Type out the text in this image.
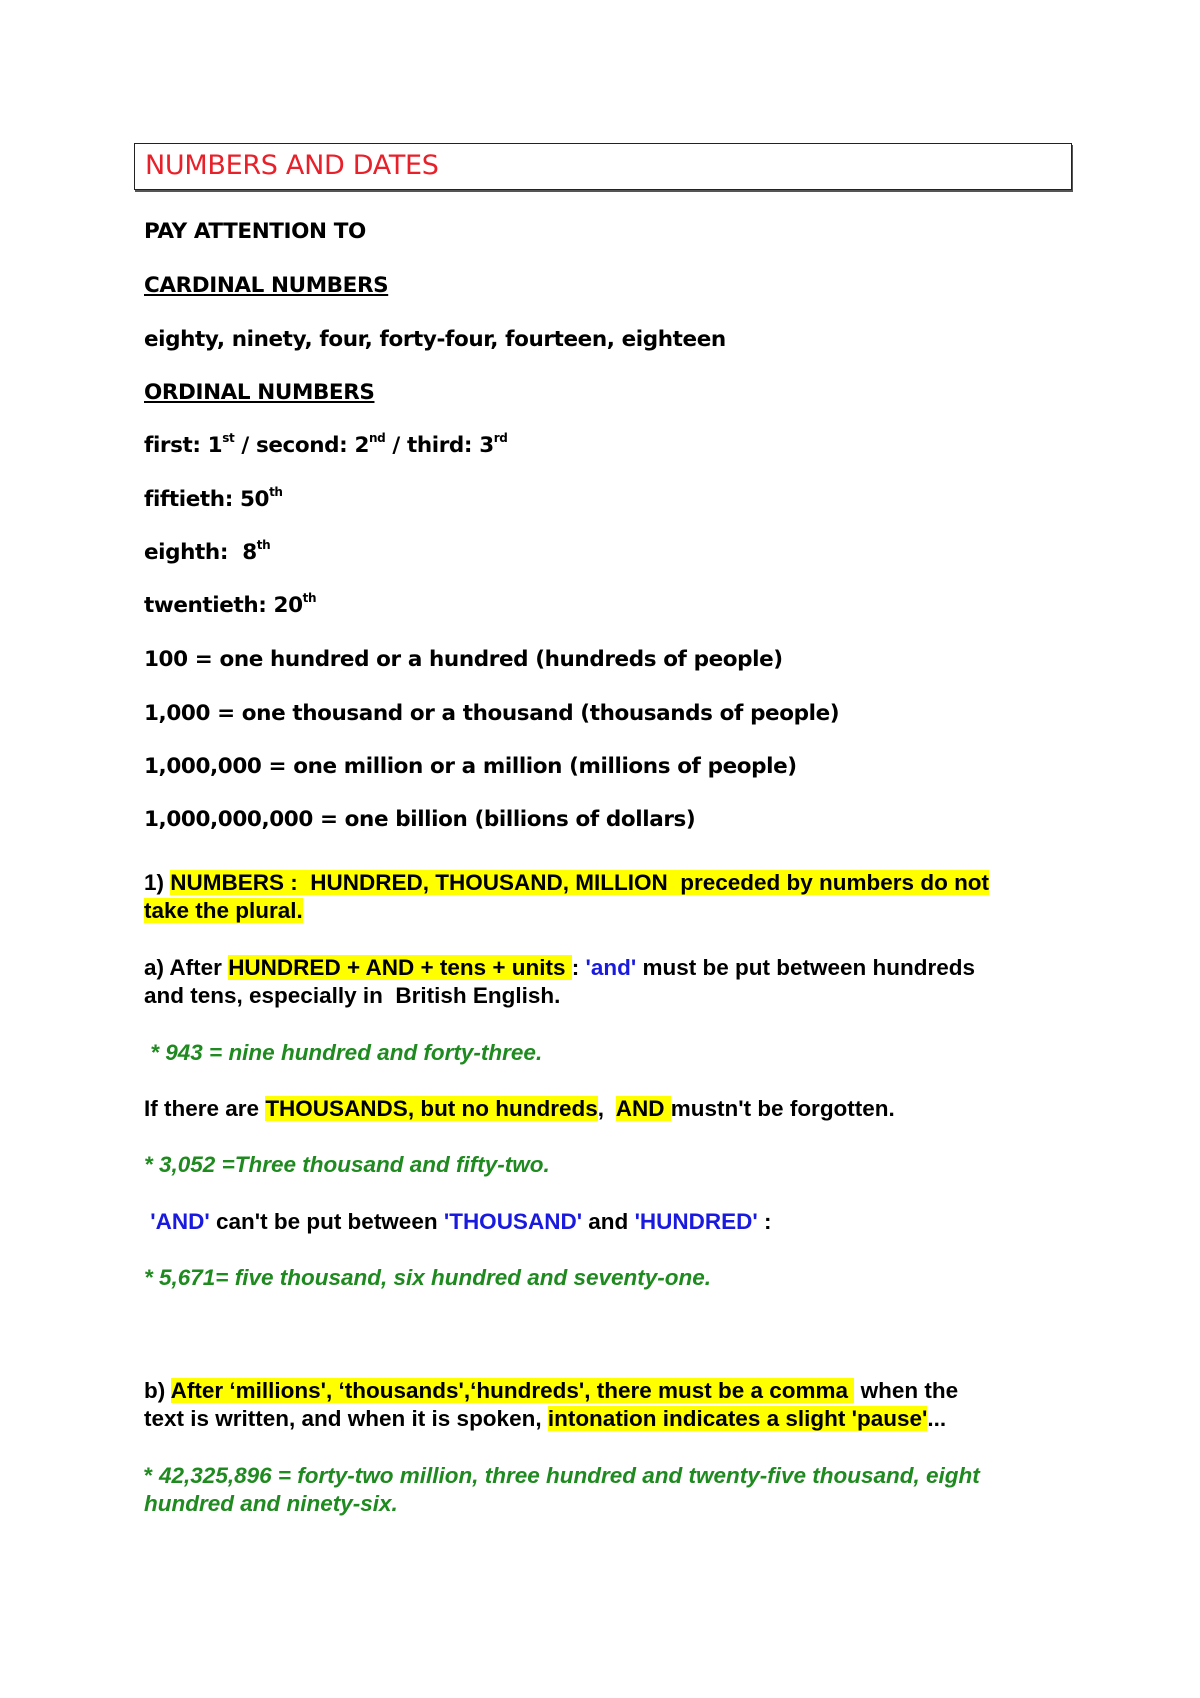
NUMBERS AND DATES
PAY ATTENTION TO
CARDINAL NUMBERS
eighty, ninety, four, forty-four, fourteen, eighteen
ORDINAL NUMBERS
first: 1st / second: 2nd / third: 3rd
fiftieth: 50th
eighth:  8th
twentieth: 20th
100 = one hundred or a hundred (hundreds of people)
1,000 = one thousand or a thousand (thousands of people)
1,000,000 = one million or a million (millions of people)
1,000,000,000 = one billion (billions of dollars)
1) NUMBERS :  HUNDRED, THOUSAND, MILLION  preceded by numbers do not
take the plural.
a) After HUNDRED + AND + tens + units : 'and' must be put between hundreds
and tens, especially in  British English.
* 943 = nine hundred and forty-three.
If there are THOUSANDS, but no hundreds,  AND mustn't be forgotten.
* 3,052 =Three thousand and fifty-two.
'AND' can't be put between 'THOUSAND' and 'HUNDRED' :
* 5,671= five thousand, six hundred and seventy-one.
b) After ‘millions', ‘thousands',‘hundreds', there must be a comma  when the
text is written, and when it is spoken, intonation indicates a slight 'pause'...
* 42,325,896 = forty-two million, three hundred and twenty-five thousand, eight
hundred and ninety-six.
